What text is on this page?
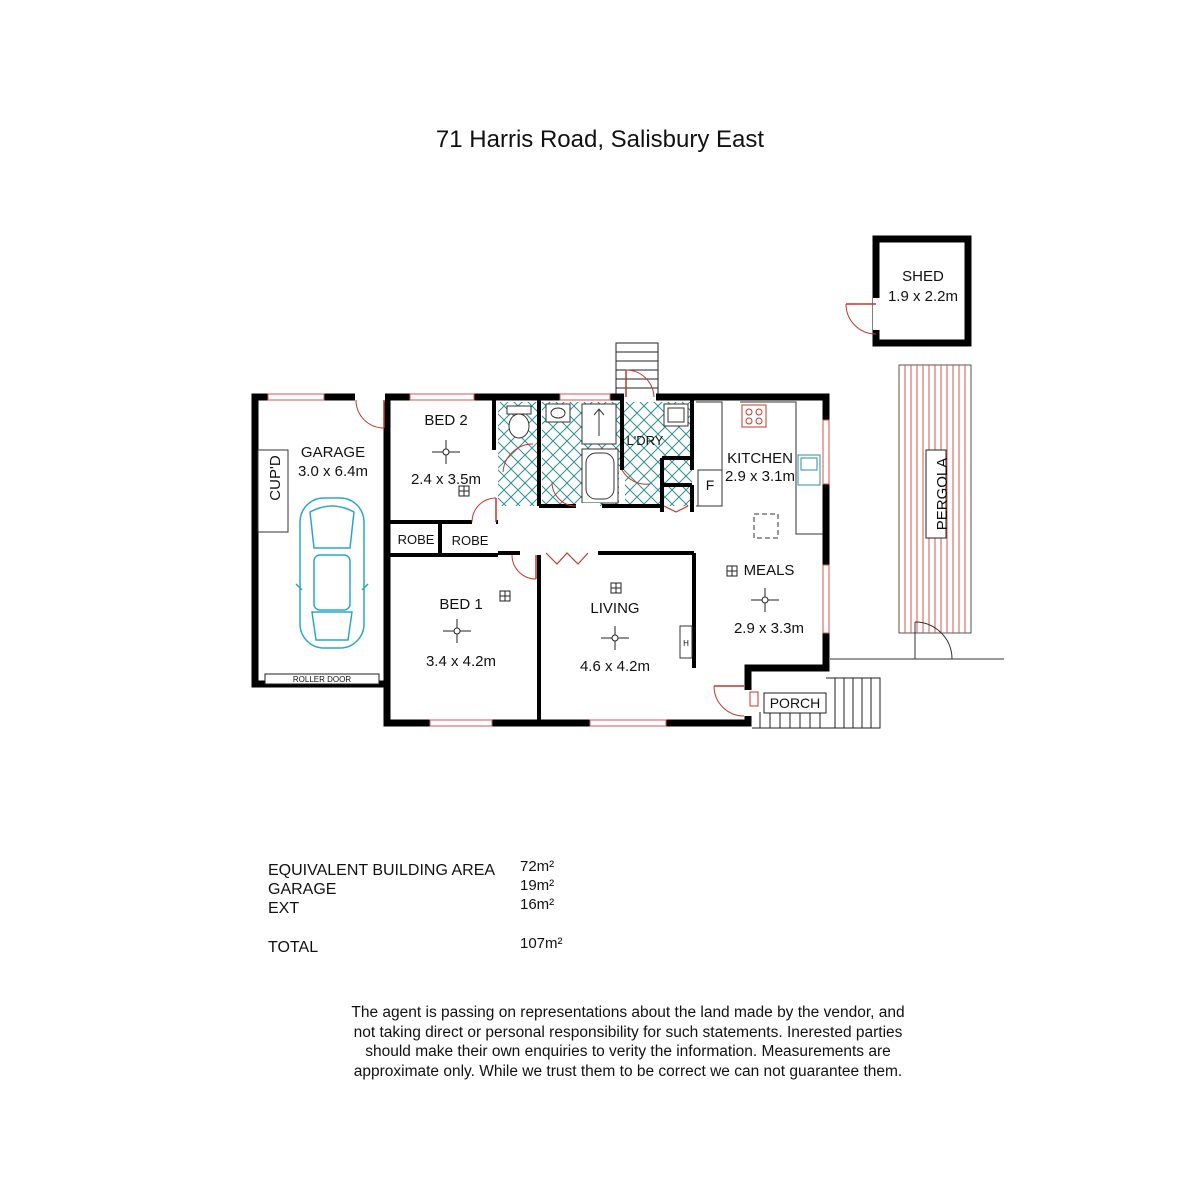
71 Harris Road, Salisbury East
PERGOLA
SHED
1.9 x 2.2m
CUP'D
GARAGE
3.0 x 6.4m
ROLLER DOOR
BED 2
2.4 x 3.5m
ROBE ROBE
BED 1
3.4 x 4.2m
L'DRY
F
KITCHEN
2.9 x 3.1m
MEALS
2.9 x 3.3m
LIVING
4.6 x 4.2m
H
PORCH
EQUIVALENT BUILDING AREA 72m²
GARAGE	19m²
EXT	16m²
TOTAL	107m²
The agent is passing on representations about the land made by the vendor, and
not taking direct or personal responsibility for such statements. Inerested parties
should make their own enquiries to verity the information. Measurements are
approximate only. While we trust them to be correct we can not guarantee them.
